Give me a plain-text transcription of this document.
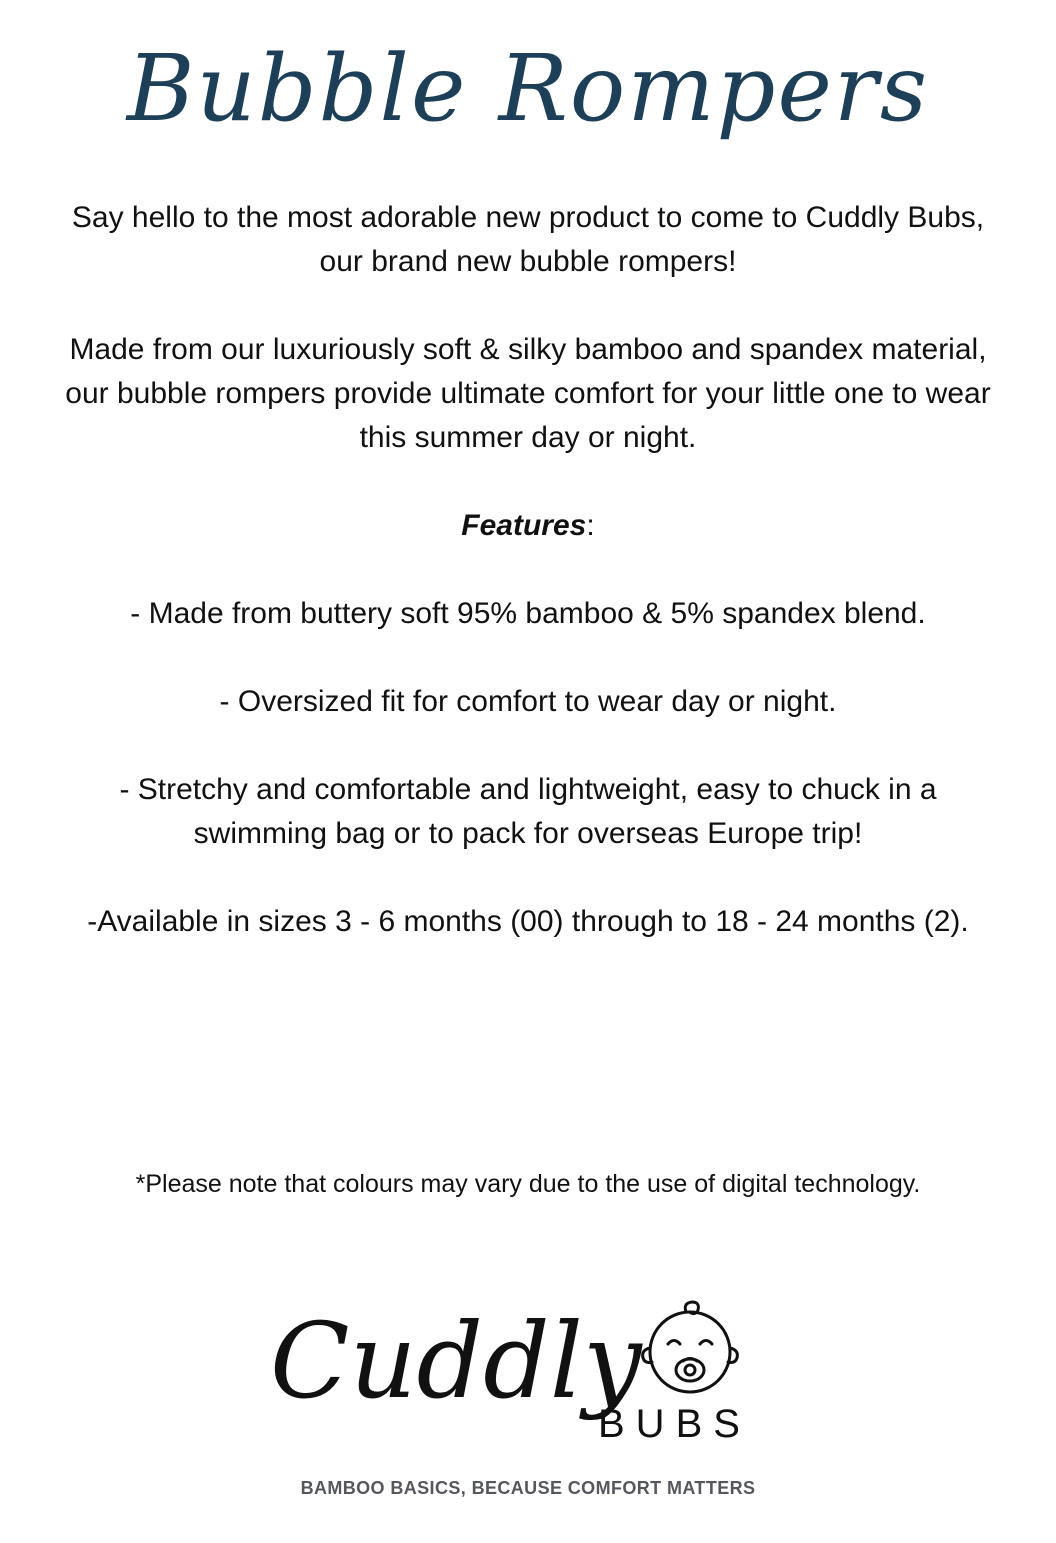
Bubble Rompers

Say hello to the most adorable new product to come to Cuddly Bubs, our brand new bubble rompers!

Made from our luxuriously soft & silky bamboo and spandex material, our bubble rompers provide ultimate comfort for your little one to wear this summer day or night.

Features:

- Made from buttery soft 95% bamboo & 5% spandex blend.

- Oversized fit for comfort to wear day or night.

- Stretchy and comfortable and lightweight, easy to chuck in a swimming bag or to pack for overseas Europe trip!

-Available in sizes 3 - 6 months (00) through to 18 - 24 months (2).

*Please note that colours may vary due to the use of digital technology.
Cuddly
BUBS
BAMBOO BASICS, BECAUSE COMFORT MATTERS
